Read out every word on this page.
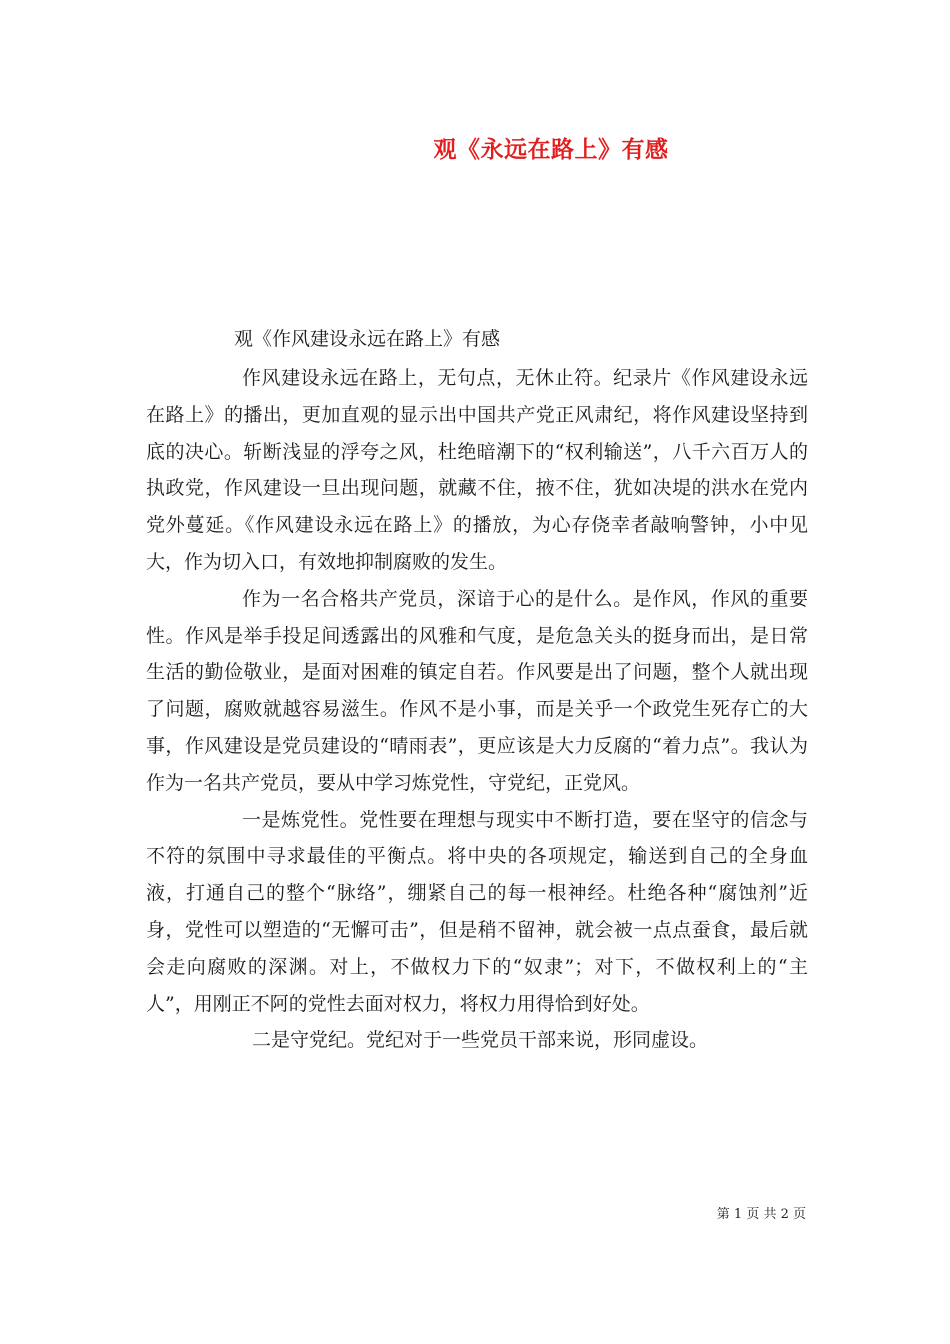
观《永远在路上》有感
观《作风建设永远在路上》有感

作风建设永远在路上，无句点，无休止符。纪录片《作风建设永远在路上》的播出，更加直观的显示出中国共产党正风肃纪，将作风建设坚持到底的决心。斩断浅显的浮夸之风，杜绝暗潮下的“权利输送”，八千六百万人的执政党，作风建设一旦出现问题，就藏不住，掖不住，犹如决堤的洪水在党内党外蔓延。《作风建设永远在路上》的播放，为心存侥幸者敲响警钟，小中见大，作为切入口，有效地抑制腐败的发生。

作为一名合格共产党员，深谙于心的是什么。是作风，作风的重要性。作风是举手投足间透露出的风雅和气度，是危急关头的挺身而出，是日常生活的勤俭敬业，是面对困难的镇定自若。作风要是出了问题，整个人就出现了问题，腐败就越容易滋生。作风不是小事，而是关乎一个政党生死存亡的大事，作风建设是党员建设的“晴雨表”，更应该是大力反腐的“着力点”。我认为作为一名共产党员，要从中学习炼党性，守党纪，正党风。

一是炼党性。党性要在理想与现实中不断打造，要在坚守的信念与不符的氛围中寻求最佳的平衡点。将中央的各项规定，输送到自己的全身血液，打通自己的整个“脉络”，绷紧自己的每一根神经。杜绝各种“腐蚀剂”近身，党性可以塑造的“无懈可击”，但是稍不留神，就会被一点点蚕食，最后就会走向腐败的深渊。对上，不做权力下的“奴隶”；对下，不做权利上的“主人”，用刚正不阿的党性去面对权力，将权力用得恰到好处。

二是守党纪。党纪对于一些党员干部来说，形同虚设。

第 1 页 共 2 页
